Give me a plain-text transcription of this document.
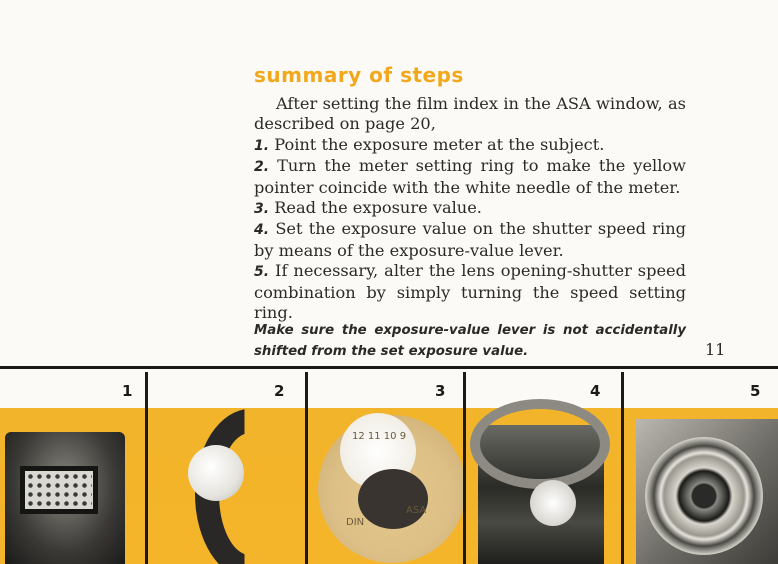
summary of steps

After setting the film index in the ASA window, as described on page 20,

1. Point the exposure meter at the subject.

2. Turn the meter setting ring to make the yellow pointer coincide with the white needle of the meter.

3. Read the exposure value.

4. Set the exposure value on the shutter speed ring by means of the exposure-value lever.

5. If necessary, alter the lens opening-shutter speed combination by simply turning the speed setting ring.

Make sure the exposure-value lever is not accidentally shifted from the set exposure value.	11
1	2	3	4	5
12 11 10 9
DIN
ASA
